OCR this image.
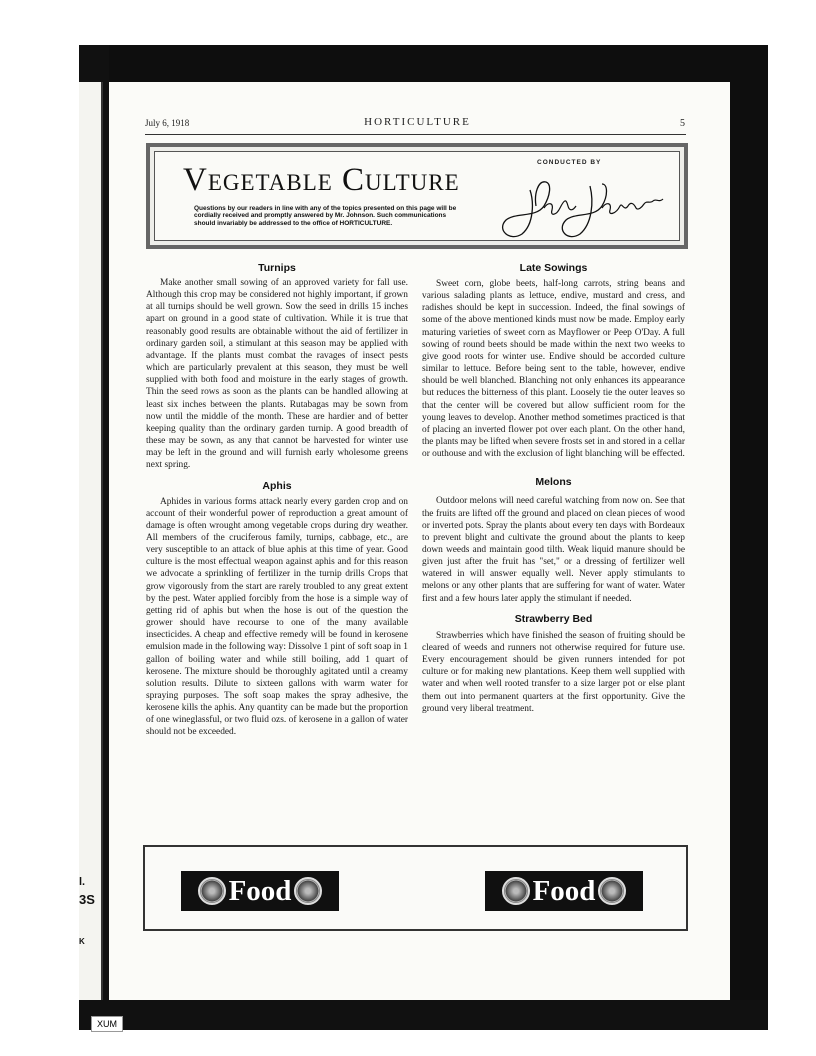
l.
3S
K
July 6, 1918	HORTICULTURE	5
Vegetable Culture
Questions by our readers in line with any of the topics presented on this page will be cordially received and promptly answered by Mr. Johnson. Such communications should invariably be addressed to the office of HORTICULTURE.
CONDUCTED BY
John Johnson.
Turnips

Make another small sowing of an approved variety for fall use. Although this crop may be considered not highly important, if grown at all turnips should be well grown. Sow the seed in drills 15 inches apart on ground in a good state of cultivation. While it is true that reasonably good results are obtainable without the aid of fertilizer in ordinary garden soil, a stimulant at this season may be applied with advantage. If the plants must combat the ravages of insect pests which are particularly prevalent at this season, they must be well supplied with both food and moisture in the early stages of growth. Thin the seed rows as soon as the plants can be handled allowing at least six inches between the plants. Rutabagas may be sown from now until the middle of the month. These are hardier and of better keeping quality than the ordinary garden turnip. A good breadth of these may be sown, as any that cannot be harvested for winter use may be left in the ground and will furnish early wholesome greens next spring.

Aphis

Aphides in various forms attack nearly every garden crop and on account of their wonderful power of reproduction a great amount of damage is often wrought among vegetable crops during dry weather. All members of the cruciferous family, turnips, cabbage, etc., are very susceptible to an attack of blue aphis at this time of year. Good culture is the most effectual weapon against aphis and for this reason we advocate a sprinkling of fertilizer in the turnip drills Crops that grow vigorously from the start are rarely troubled to any great extent by the pest. Water applied forcibly from the hose is a simple way of getting rid of aphis but when the hose is out of the question the grower should have recourse to one of the many available insecticides. A cheap and effective remedy will be found in kerosene emulsion made in the following way: Dissolve 1 pint of soft soap in 1 gallon of boiling water and while still boiling, add 1 quart of kerosene. The mixture should be thoroughly agitated until a creamy solution results. Dilute to sixteen gallons with warm water for spraying purposes. The soft soap makes the spray adhesive, the kerosene kills the aphis. Any quantity can be made but the proportion of one wineglassful, or two fluid ozs. of kerosene in a gallon of water should not be exceeded.

Late Sowings

Sweet corn, globe beets, half-long carrots, string beans and various salading plants as lettuce, endive, mustard and cress, and radishes should be kept in succession. Indeed, the final sowings of some of the above mentioned kinds must now be made. Employ early maturing varieties of sweet corn as Mayflower or Peep O'Day. A full sowing of round beets should be made within the next two weeks to give good roots for winter use. Endive should be accorded culture similar to lettuce. Before being sent to the table, however, endive should be well blanched. Blanching not only enhances its appearance but reduces the bitterness of this plant. Loosely tie the outer leaves so that the center will be covered but allow sufficient room for the young leaves to develop. Another method sometimes practiced is that of placing an inverted flower pot over each plant. On the other hand, the plants may be lifted when severe frosts set in and stored in a cellar or outhouse and with the exclusion of light blanching will be effected.

Melons

Outdoor melons will need careful watching from now on. See that the fruits are lifted off the ground and placed on clean pieces of wood or inverted pots. Spray the plants about every ten days with Bordeaux to prevent blight and cultivate the ground about the plants to keep down weeds and maintain good tilth. Weak liquid manure should be given just after the fruit has "set," or a dressing of fertilizer well watered in will answer equally well. Never apply stimulants to melons or any other plants that are suffering for want of water. Water first and a few hours later apply the stimulant if needed.

Strawberry Bed

Strawberries which have finished the season of fruiting should be cleared of weeds and runners not otherwise required for future use. Every encouragement should be given runners intended for pot culture or for making new plantations. Keep them well supplied with water and when well rooted transfer to a size larger pot or else plant them out into permanent quarters at the first opportunity. Give the ground very liberal treatment.

Food	Food
XUM
